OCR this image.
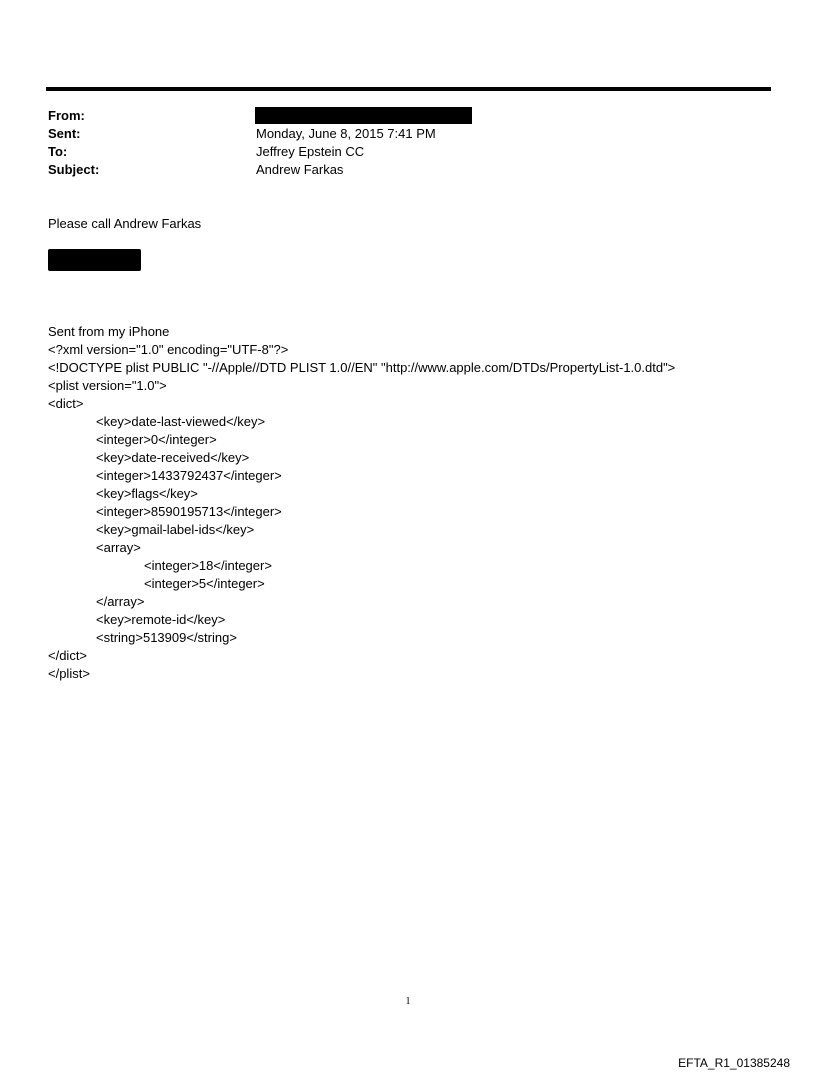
From:
Sent:	Monday, June 8, 2015 7:41 PM
To:	Jeffrey Epstein CC
Subject:	Andrew Farkas
Please call Andrew Farkas
Sent from my iPhone
<?xml version="1.0" encoding="UTF-8"?>
<!DOCTYPE plist PUBLIC "-//Apple//DTD PLIST 1.0//EN" "http://www.apple.com/DTDs/PropertyList-1.0.dtd">
<plist version="1.0">
<dict>
<key>date-last-viewed</key>
<integer>0</integer>
<key>date-received</key>
<integer>1433792437</integer>
<key>flags</key>
<integer>8590195713</integer>
<key>gmail-label-ids</key>
<array>
<integer>18</integer>
<integer>5</integer>
</array>
<key>remote-id</key>
<string>513909</string>
</dict>
</plist>
1
EFTA_R1_01385248
